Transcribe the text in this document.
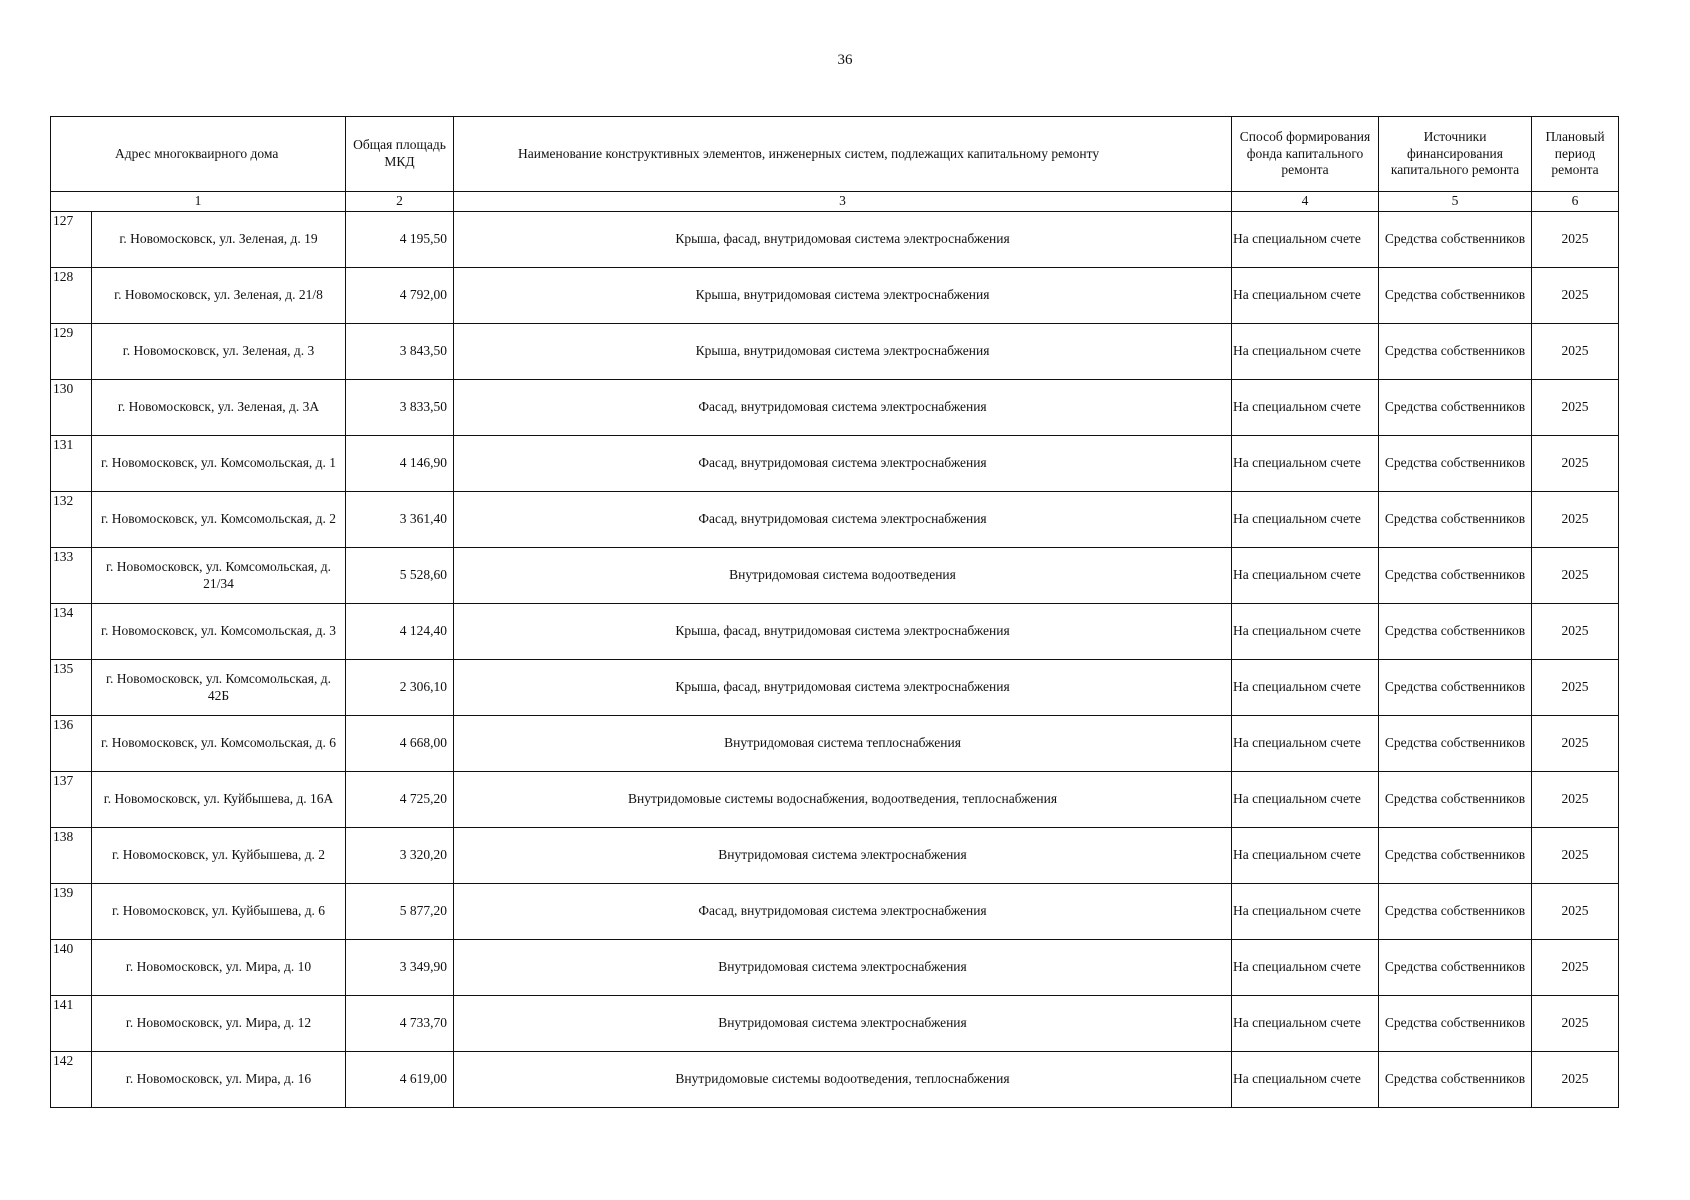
36
Адрес многокваирного дома		Общая площадь МКД	Наименование конструктивных элементов, инженерных систем, подлежащих капитальному ремонту	Способ формирования фонда капитального ремонта	Источники финансирования капитального ремонта	Плановый период ремонта
1		2	3	4	5	6
127	г. Новомосковск, ул. Зеленая, д. 19	4 195,50	Крыша, фасад, внутридомовая система электроснабжения	На специальном счете	Средства собственников	2025
128	г. Новомосковск, ул. Зеленая, д. 21/8	4 792,00	Крыша, внутридомовая система электроснабжения	На специальном счете	Средства собственников	2025
129	г. Новомосковск, ул. Зеленая, д. 3	3 843,50	Крыша, внутридомовая система электроснабжения	На специальном счете	Средства собственников	2025
130	г. Новомосковск, ул. Зеленая, д. 3А	3 833,50	Фасад, внутридомовая система электроснабжения	На специальном счете	Средства собственников	2025
131	г. Новомосковск, ул. Комсомольская, д. 1	4 146,90	Фасад, внутридомовая система электроснабжения	На специальном счете	Средства собственников	2025
132	г. Новомосковск, ул. Комсомольская, д. 2	3 361,40	Фасад, внутридомовая система электроснабжения	На специальном счете	Средства собственников	2025
133	г. Новомосковск, ул. Комсомольская, д. 21/34	5 528,60	Внутридомовая система водоотведения	На специальном счете	Средства собственников	2025
134	г. Новомосковск, ул. Комсомольская, д. 3	4 124,40	Крыша, фасад, внутридомовая система электроснабжения	На специальном счете	Средства собственников	2025
135	г. Новомосковск, ул. Комсомольская, д. 42Б	2 306,10	Крыша, фасад, внутридомовая система электроснабжения	На специальном счете	Средства собственников	2025
136	г. Новомосковск, ул. Комсомольская, д. 6	4 668,00	Внутридомовая система теплоснабжения	На специальном счете	Средства собственников	2025
137	г. Новомосковск, ул. Куйбышева, д. 16А	4 725,20	Внутридомовые системы водоснабжения, водоотведения, теплоснабжения	На специальном счете	Средства собственников	2025
138	г. Новомосковск, ул. Куйбышева, д. 2	3 320,20	Внутридомовая система электроснабжения	На специальном счете	Средства собственников	2025
139	г. Новомосковск, ул. Куйбышева, д. 6	5 877,20	Фасад, внутридомовая система электроснабжения	На специальном счете	Средства собственников	2025
140	г. Новомосковск, ул. Мира, д. 10	3 349,90	Внутридомовая система электроснабжения	На специальном счете	Средства собственников	2025
141	г. Новомосковск, ул. Мира, д. 12	4 733,70	Внутридомовая система электроснабжения	На специальном счете	Средства собственников	2025
142	г. Новомосковск, ул. Мира, д. 16	4 619,00	Внутридомовые системы водоотведения, теплоснабжения	На специальном счете	Средства собственников	2025
